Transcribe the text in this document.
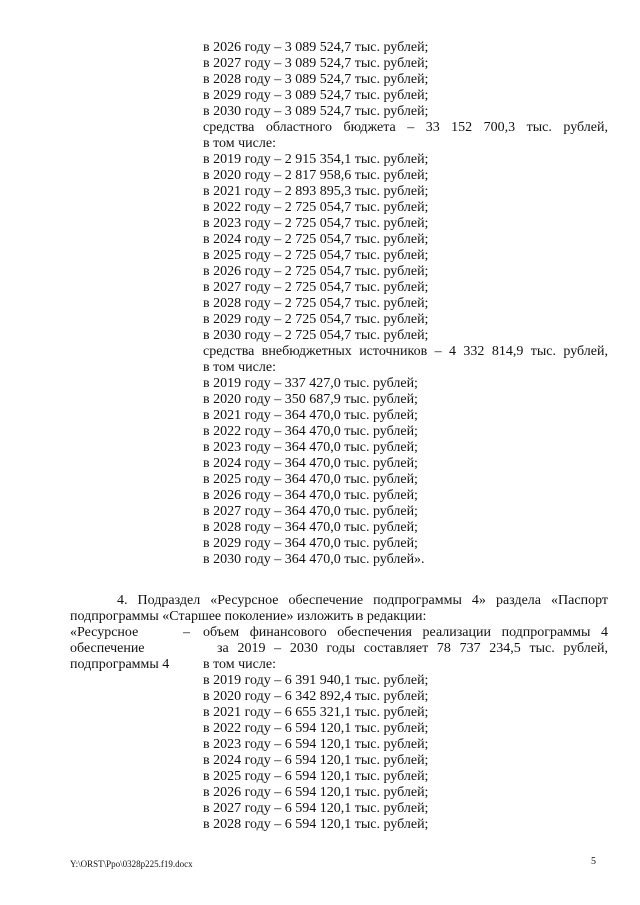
в 2026 году – 3 089 524,7 тыс. рублей;
в 2027 году – 3 089 524,7 тыс. рублей;
в 2028 году – 3 089 524,7 тыс. рублей;
в 2029 году – 3 089 524,7 тыс. рублей;
в 2030 году – 3 089 524,7 тыс. рублей;
средства областного бюджета – 33 152 700,3 тыс. рублей,
в том числе:
в 2019 году – 2 915 354,1 тыс. рублей;
в 2020 году – 2 817 958,6 тыс. рублей;
в 2021 году – 2 893 895,3 тыс. рублей;
в 2022 году – 2 725 054,7 тыс. рублей;
в 2023 году – 2 725 054,7 тыс. рублей;
в 2024 году – 2 725 054,7 тыс. рублей;
в 2025 году – 2 725 054,7 тыс. рублей;
в 2026 году – 2 725 054,7 тыс. рублей;
в 2027 году – 2 725 054,7 тыс. рублей;
в 2028 году – 2 725 054,7 тыс. рублей;
в 2029 году – 2 725 054,7 тыс. рублей;
в 2030 году – 2 725 054,7 тыс. рублей;
средства внебюджетных источников – 4 332 814,9 тыс. рублей,
в том числе:
в 2019 году – 337 427,0 тыс. рублей;
в 2020 году – 350 687,9 тыс. рублей;
в 2021 году – 364 470,0 тыс. рублей;
в 2022 году – 364 470,0 тыс. рублей;
в 2023 году – 364 470,0 тыс. рублей;
в 2024 году – 364 470,0 тыс. рублей;
в 2025 году – 364 470,0 тыс. рублей;
в 2026 году – 364 470,0 тыс. рублей;
в 2027 году – 364 470,0 тыс. рублей;
в 2028 году – 364 470,0 тыс. рублей;
в 2029 году – 364 470,0 тыс. рублей;
в 2030 году – 364 470,0 тыс. рублей».
4. Подраздел «Ресурсное обеспечение подпрограммы 4» раздела «Паспорт
подпрограммы «Старшее поколение» изложить в редакции:
«Ресурсное
обеспечение
подпрограммы 4
– объем финансового обеспечения реализации подпрограммы 4
за 2019 – 2030 годы составляет 78 737 234,5 тыс. рублей,
в том числе:
в 2019 году – 6 391 940,1 тыс. рублей;
в 2020 году – 6 342 892,4 тыс. рублей;
в 2021 году – 6 655 321,1 тыс. рублей;
в 2022 году – 6 594 120,1 тыс. рублей;
в 2023 году – 6 594 120,1 тыс. рублей;
в 2024 году – 6 594 120,1 тыс. рублей;
в 2025 году – 6 594 120,1 тыс. рублей;
в 2026 году – 6 594 120,1 тыс. рублей;
в 2027 году – 6 594 120,1 тыс. рублей;
в 2028 году – 6 594 120,1 тыс. рублей;
Y:\ORST\Ppo\0328p225.f19.docx	5
